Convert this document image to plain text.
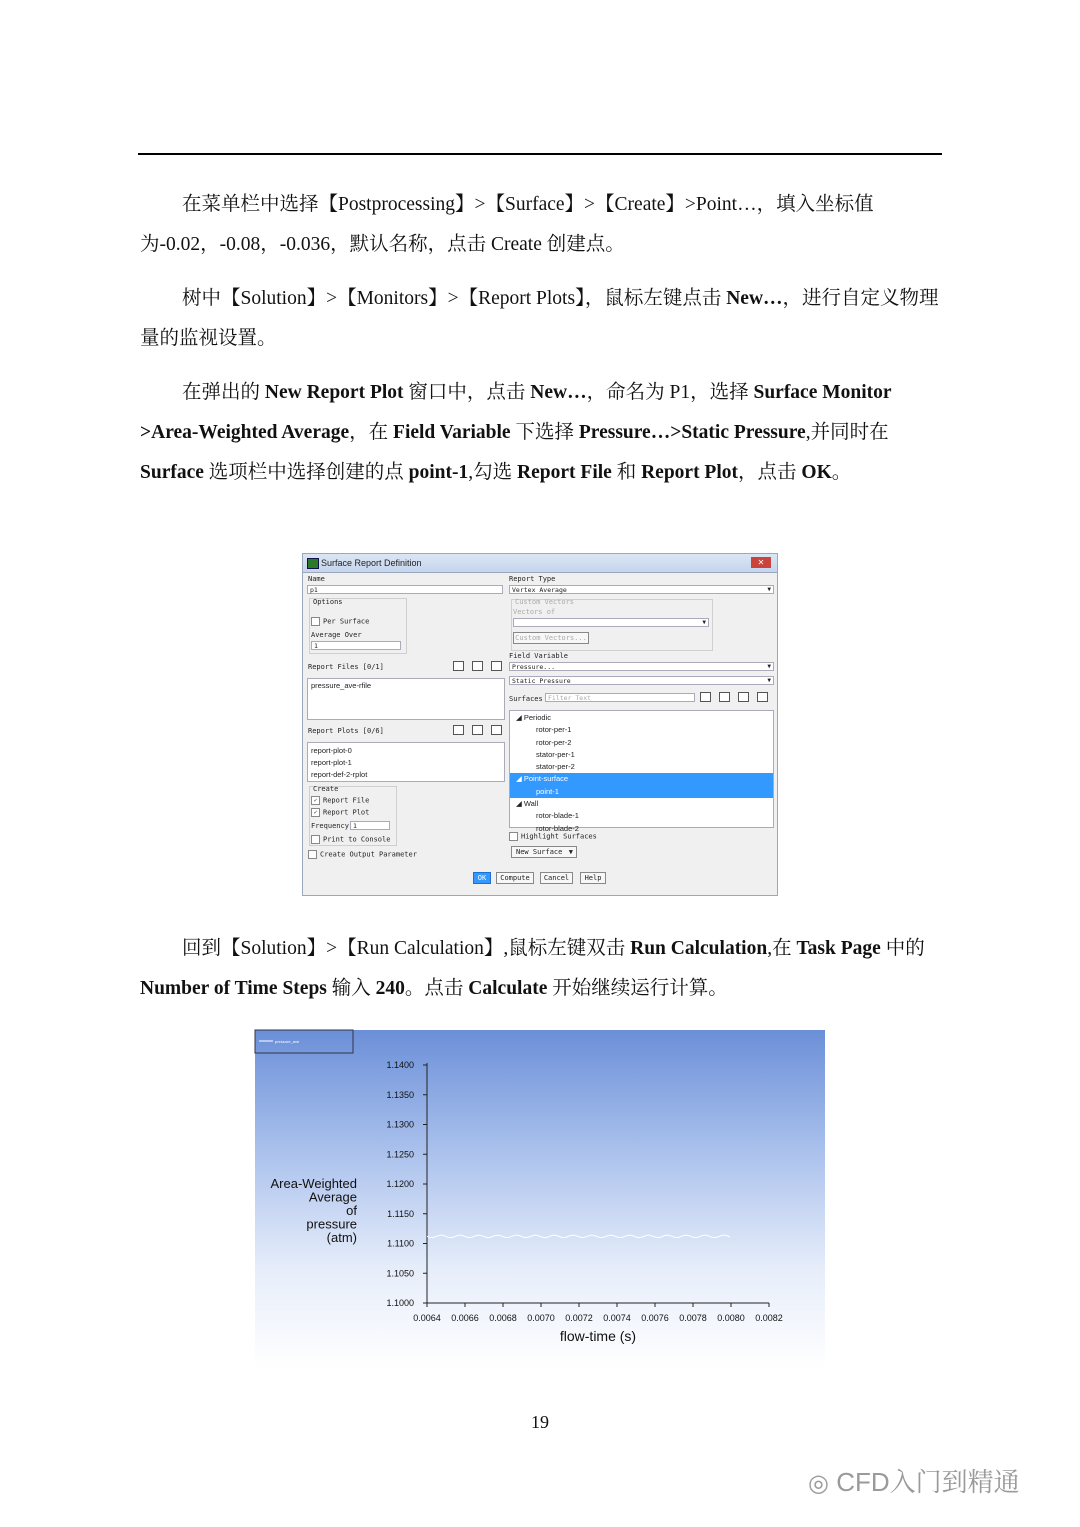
在菜单栏中选择【Postprocessing】>【Surface】>【Create】>Point…，填入坐标值为-0.02，-0.08，-0.036，默认名称，点击 Create 创建点。
树中【Solution】>【Monitors】>【Report Plots】，鼠标左键点击 New…，进行自定义物理量的监视设置。
在弹出的 New Report Plot 窗口中，点击 New…，命名为 P1，选择 Surface Monitor >Area-Weighted Average，在 Field Variable 下选择 Pressure…>Static Pressure,并同时在 Surface 选项栏中选择创建的点 point-1,勾选 Report File 和 Report Plot，点击 OK。
Surface Report Definition	✕
Name
p1
Options
Per Surface
Average Over
1
Report Files [0/1]
pressure_ave-rfile
Report Plots [0/6]
report-plot-0
report-plot-1
report-def-2-rplot
Create
✓ Report File
✓ Report Plot
Frequency 1
Print to Console
Create Output Parameter
Report Type
Vertex Average	▼
Custom Vectors
Vectors of
▼
Custom Vectors...
Field Variable
Pressure...	▼
Static Pressure	▼
Surfaces Filter Text
◢ Periodic
rotor-per-1
rotor-per-2
stator-per-1
stator-per-2
◢ Point-surface
point-1
◢ Wall
rotor-blade-1
rotor-blade-2
Highlight Surfaces
New Surface ▼
OK	Compute	Cancel	Help
回到【Solution】>【Run Calculation】,鼠标左键双击 Run Calculation,在 Task Page 中的 Number of Time Steps 输入 240。点击 Calculate 开始继续运行计算。
pressure_ave
1.1400
1.1350
1.1300
1.1250
1.1200
1.1150
1.1100
1.1050
1.1000
0.0064 0.0066 0.0068 0.0070 0.0072 0.0074 0.0076 0.0078 0.0080 0.0082
Area-Weighted
Average
of
pressure
(atm)
flow-time (s)
19
◎ CFD入门到精通
